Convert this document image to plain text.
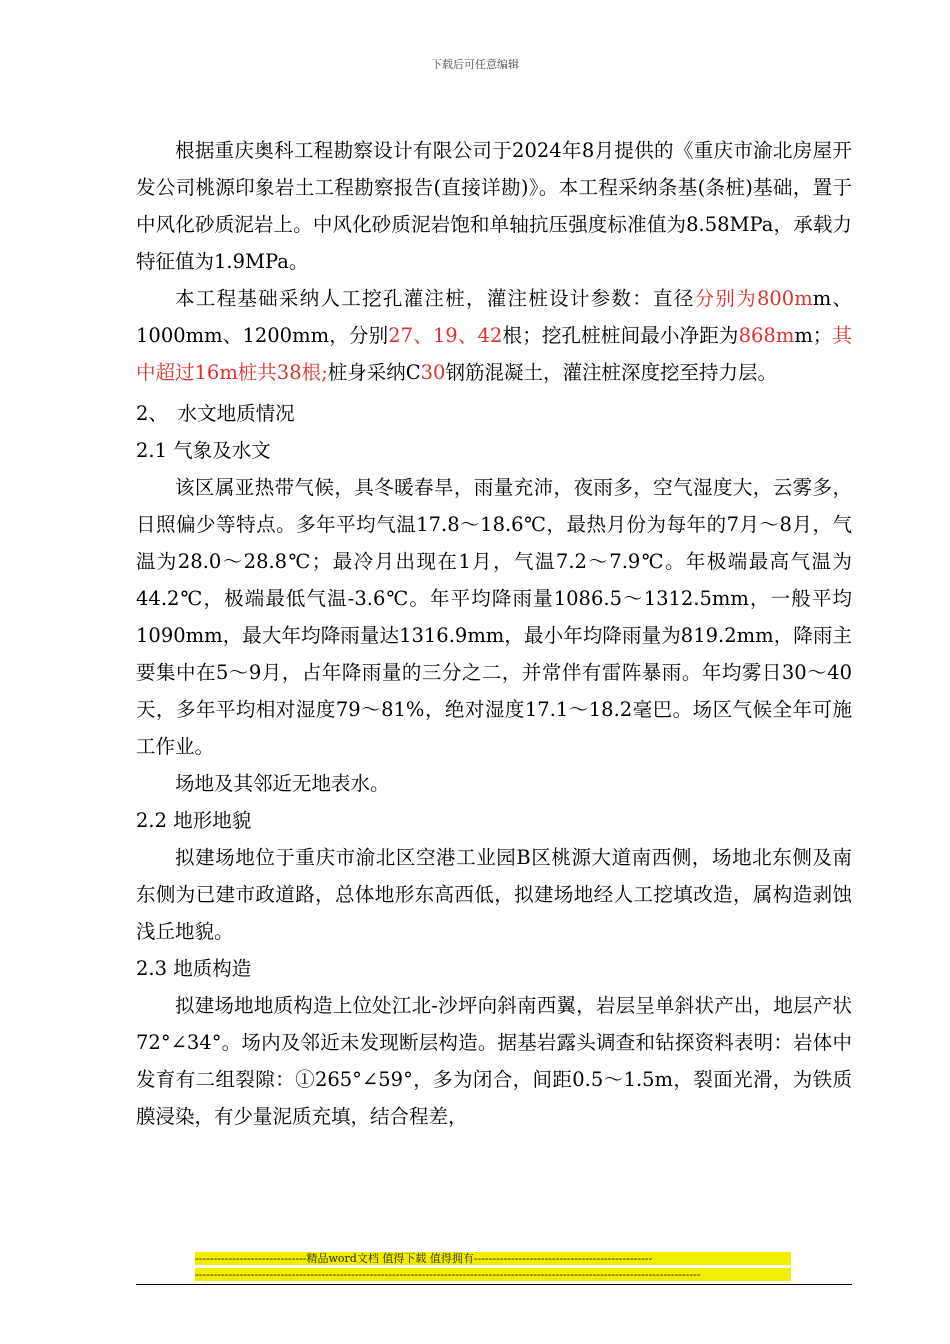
下载后可任意编辑

根据重庆奥科工程勘察设计有限公司于2024年8月提供的《重庆市渝北房屋开发公司桃源印象岩土工程勘察报告(直接详勘)》。本工程采纳条基(条桩)基础，置于中风化砂质泥岩上。中风化砂质泥岩饱和单轴抗压强度标准值为8.58MPa，承载力特征值为1.9MPa。

本工程基础采纳人工挖孔灌注桩，灌注桩设计参数：直径分别为800mm、1000mm、1200mm，分别27、19、42根；挖孔桩桩间最小净距为868mm；其中超过16m桩共38根;桩身采纳C30钢筋混凝土，灌注桩深度挖至持力层。

2、　水文地质情况

2.1 气象及水文

该区属亚热带气候，具冬暖春旱，雨量充沛，夜雨多，空气湿度大，云雾多，日照偏少等特点。多年平均气温17.8～18.6℃，最热月份为每年的7月～8月，气温为28.0～28.8℃；最冷月出现在1月，气温7.2～7.9℃。年极端最高气温为44.2℃，极端最低气温-3.6℃。年平均降雨量1086.5～1312.5mm，一般平均1090mm，最大年均降雨量达1316.9mm，最小年均降雨量为819.2mm，降雨主要集中在5～9月，占年降雨量的三分之二，并常伴有雷阵暴雨。年均雾日30～40天，多年平均相对湿度79～81%，绝对湿度17.1～18.2毫巴。场区气候全年可施工作业。

场地及其邻近无地表水。

2.2 地形地貌

拟建场地位于重庆市渝北区空港工业园B区桃源大道南西侧，场地北东侧及南东侧为已建市政道路，总体地形东高西低，拟建场地经人工挖填改造，属构造剥蚀浅丘地貌。

2.3 地质构造

拟建场地地质构造上位处江北-沙坪向斜南西翼，岩层呈单斜状产出，地层产状72°∠34°。场内及邻近未发现断层构造。据基岩露头调查和钻探资料表明：岩体中发育有二组裂隙：①265°∠59°，多为闭合，间距0.5～1.5m，裂面光滑，为铁质膜浸染，有少量泥质充填，结合程差，

------------------------------精品word文档 值得下载 值得拥有------------------------------------------------
----------------------------------------------------------------------------------------------------------------------------------------
